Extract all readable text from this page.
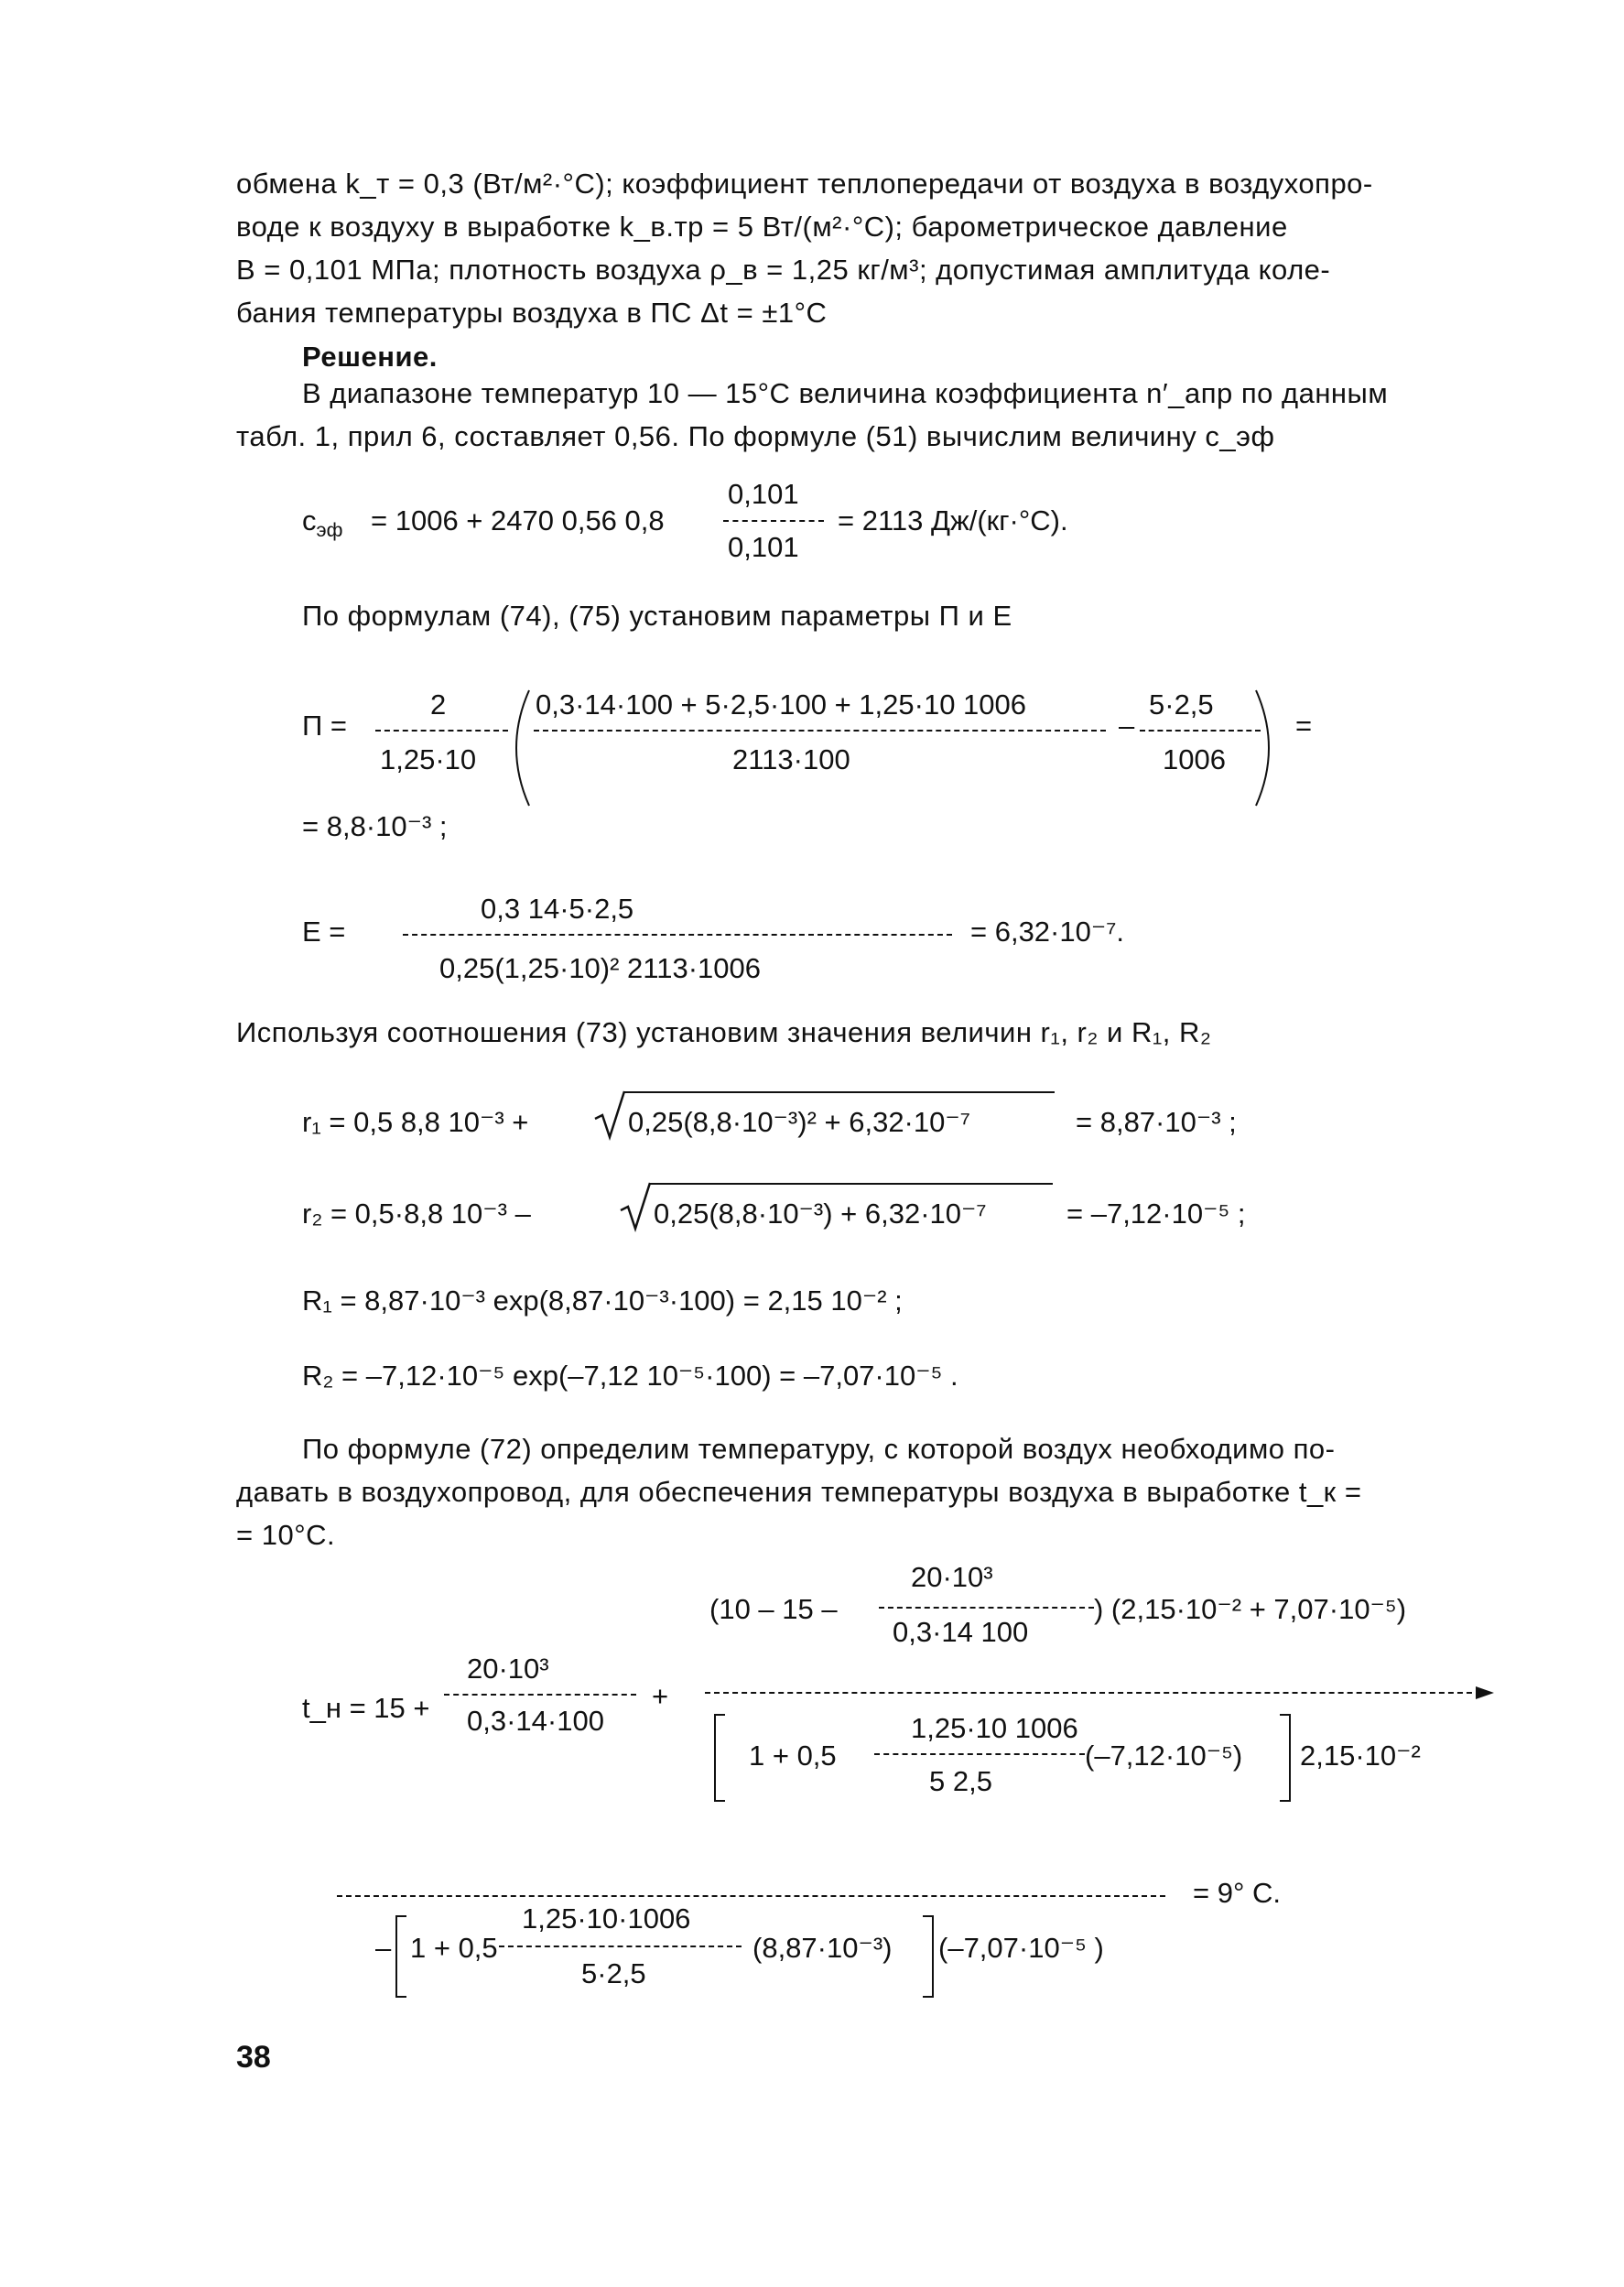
обмена k_т = 0,3 (Вт/м²·°С); коэффициент теплопередачи от воздуха в воздухопро-
воде к воздуху в выработке k_в.тр = 5 Вт/(м²·°С); барометрическое давление
В = 0,101 МПа; плотность воздуха ρ_в = 1,25 кг/м³; допустимая амплитуда коле-
бания температуры воздуха в ПС Δt = ±1°С
Решение.
В диапазоне температур 10 — 15°С величина коэффициента n′_апр по данным
табл. 1, прил 6, составляет 0,56. По формуле (51) вычислим величину с_эф
$с_{эф} = 1006 + 2470$ 0,56 0,8
0,101
0,101
= 2113 Дж/(кг·°С).
По формулам (74), (75) установим параметры П и Е
П =
2
1,25·10
0,3·14·100 + 5·2,5·100 + 1,25·10 1006
2113·100
–
5·2,5
1006
=
= 8,8·10⁻³ ;
Е =
0,3 14·5·2,5
0,25(1,25·10)² 2113·1006
= 6,32·10⁻⁷.
Используя соотношения (73) установим значения величин r₁, r₂ и R₁, R₂
r₁ = 0,5 8,8 10⁻³ +	0,25(8,8·10⁻³)² + 6,32·10⁻⁷	= 8,87·10⁻³ ;
r₂ = 0,5·8,8 10⁻³ –	0,25(8,8·10⁻³) + 6,32·10⁻⁷	= –7,12·10⁻⁵ ;
R₁ = 8,87·10⁻³ exp(8,87·10⁻³·100) = 2,15 10⁻² ;
R₂ = –7,12·10⁻⁵ exp(–7,12 10⁻⁵·100) = –7,07·10⁻⁵ .
По формуле (72) определим температуру, с которой воздух необходимо по-
давать в воздухопровод, для обеспечения температуры воздуха в выработке t_к =
= 10°С.
t_н = 15 +
20·10³
0,3·14·100
+
(10 – 15 –
20·10³
0,3·14 100
) (2,15·10⁻² + 7,07·10⁻⁵)
1 + 0,5
1,25·10 1006
5 2,5
(–7,12·10⁻⁵) 2,15·10⁻²
= 9° С.
– 1 + 0,5
1,25·10·1006
5·2,5
(8,87·10⁻³) (–7,07·10⁻⁵ )
38
